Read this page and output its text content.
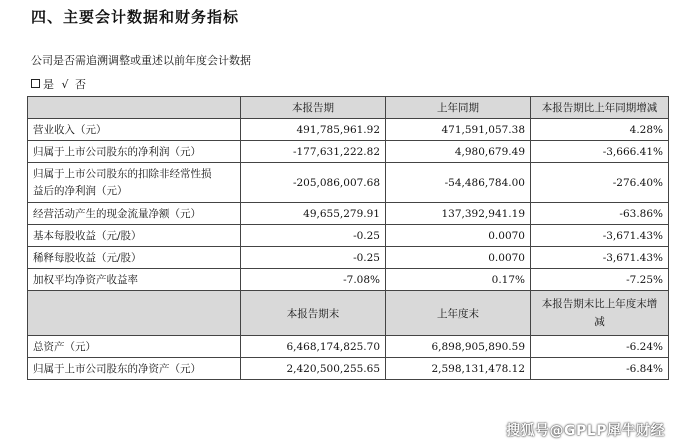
四、主要会计数据和财务指标
公司是否需追溯调整或重述以前年度会计数据
是 √ 否
	本报告期	上年同期	本报告期比上年同期增减
营业收入（元）	491,785,961.92	471,591,057.38	4.28%
归属于上市公司股东的净利润（元）	-177,631,222.82	4,980,679.49	-3,666.41%

归属于上市公司股东的扣除非经常性损
益后的净利润（元）	-205,086,007.68	-54,486,784.00	-276.40%
经营活动产生的现金流量净额（元）	49,655,279.91	137,392,941.19	-63.86%
基本每股收益（元/股）	-0.25	0.0070	-3,671.43%
稀释每股收益（元/股）	-0.25	0.0070	-3,671.43%
加权平均净资产收益率	-7.08%	0.17%	-7.25%
	本报告期末	上年度末	本报告期末比上年度末增
减

总资产（元）	6,468,174,825.70	6,898,905,890.59	-6.24%
归属于上市公司股东的净资产（元）	2,420,500,255.65	2,598,131,478.12	-6.84%
搜狐号@GPLP犀牛财经
